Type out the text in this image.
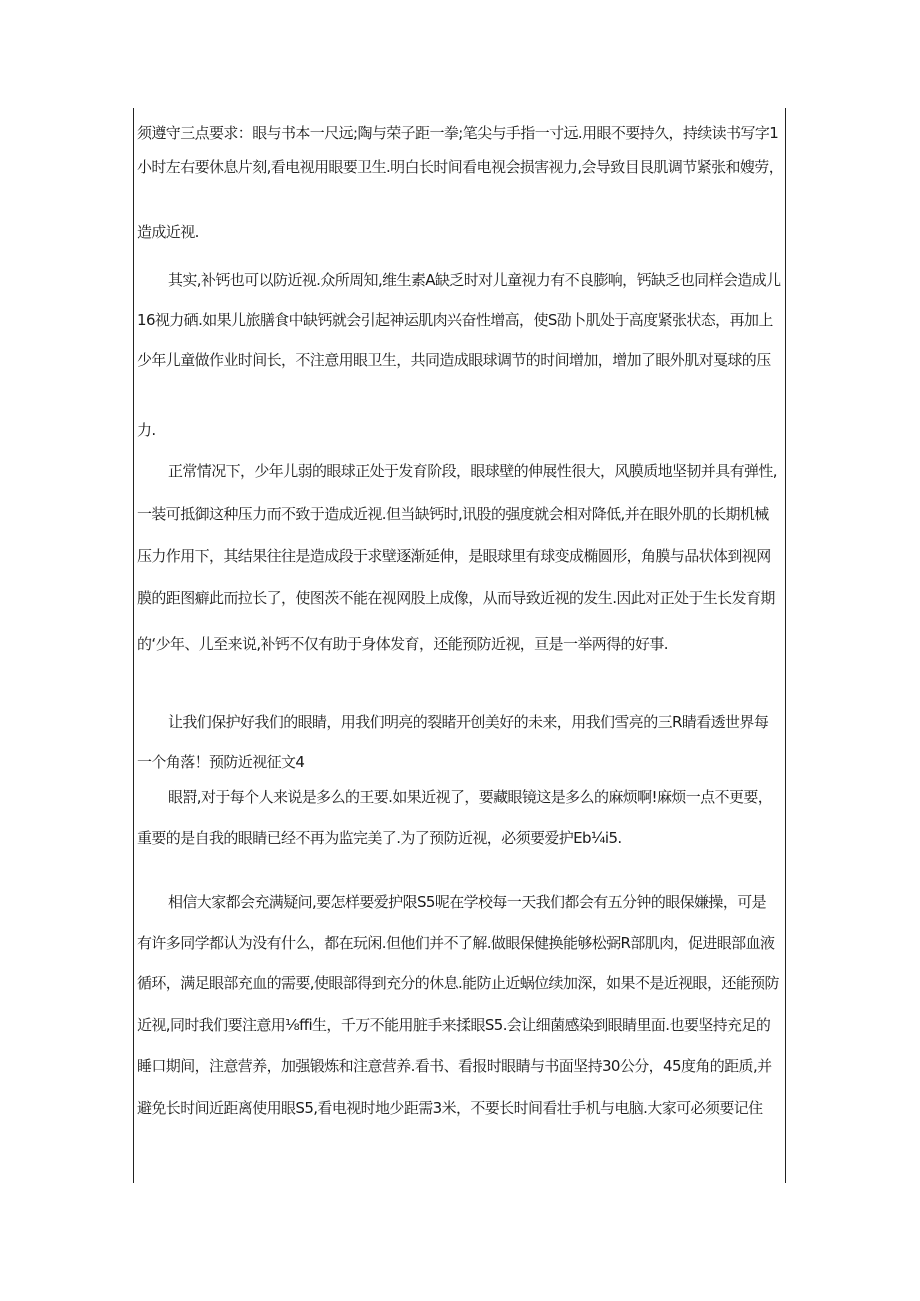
须遵守三点要求：眼与书本一尺远;陶与荣子距一拳;笔尖与手指一寸远.用眼不要持久，持续读书写字1
小时左右要休息片刻,看电视用眼要卫生.明白长时间看电视会损害视力,会导致目艮肌调节紧张和嫂劳，
造成近视.
其实,补钙也可以防近视.众所周知,维生素A缺乏时对儿童视力有不良膨响，钙缺乏也同样会造成儿
16视力硒.如果儿旅膳食中缺钙就会引起神运肌肉兴奋性增高，使S劭卜肌处于高度紧张状态，再加上
少年儿童做作业时间长，不注意用眼卫生，共同造成眼球调节的时间增加，增加了眼外肌对戛球的压
力.
正常情况下，少年儿弱的眼球正处于发育阶段，眼球壁的伸展性很大，风膜质地坚韧并具有弹性,
一装可抵御这种压力而不致于造成近视.但当缺钙时,讯股的强度就会相对降低,并在眼外肌的长期机械
压力作用下，其结果往往是造成段于求壁逐渐延伸，是眼球里有球变成椭圆形，角膜与品状体到视网
膜的距图癖此而拉长了，使图茨不能在视网股上成像，从而导致近视的发生.因此对正处于生长发育期
的‘少年、儿至来说,补钙不仅有助于身体发育，还能预防近视，亘是一举两得的好事.
让我们保护好我们的眼睛，用我们明亮的裂睹开创美好的未来，用我们雪亮的三R睛看透世界每
一个角落！预防近视征文4
眼罸,对于每个人来说是多么的王要.如果近视了，要藏眼镜这是多么的麻烦啊!麻烦一点不更要，
重要的是自我的眼睛已经不再为监完美了.为了预防近视，必须要爱护Eb¼i5.
相信大家都会充满疑问,要怎样要爱护限S5呢在学校每一天我们都会有五分钟的眼保嫌操，可是
有许多同学都认为没有什么，都在玩闲.但他们并不了解.做眼保健换能够松弼R部肌肉，促进眼部血液
循环，满足眼部充血的需要,使眼部得到充分的休息.能防止近蜗位续加深，如果不是近视眼，还能预防
近视,同时我们要注意用⅛ffi生，千万不能用脏手来揉眼S5.会让细菌感染到眼睛里面.也要坚持充足的
睡口期间，注意营养，加强锻炼和注意营养.看书、看报时眼睛与书面坚持30公分，45度角的距质,并
避免长时间近距离使用眼S5,看电视时地少距需3米，不要长时间看壮手机与电脑.大家可必须要记住
